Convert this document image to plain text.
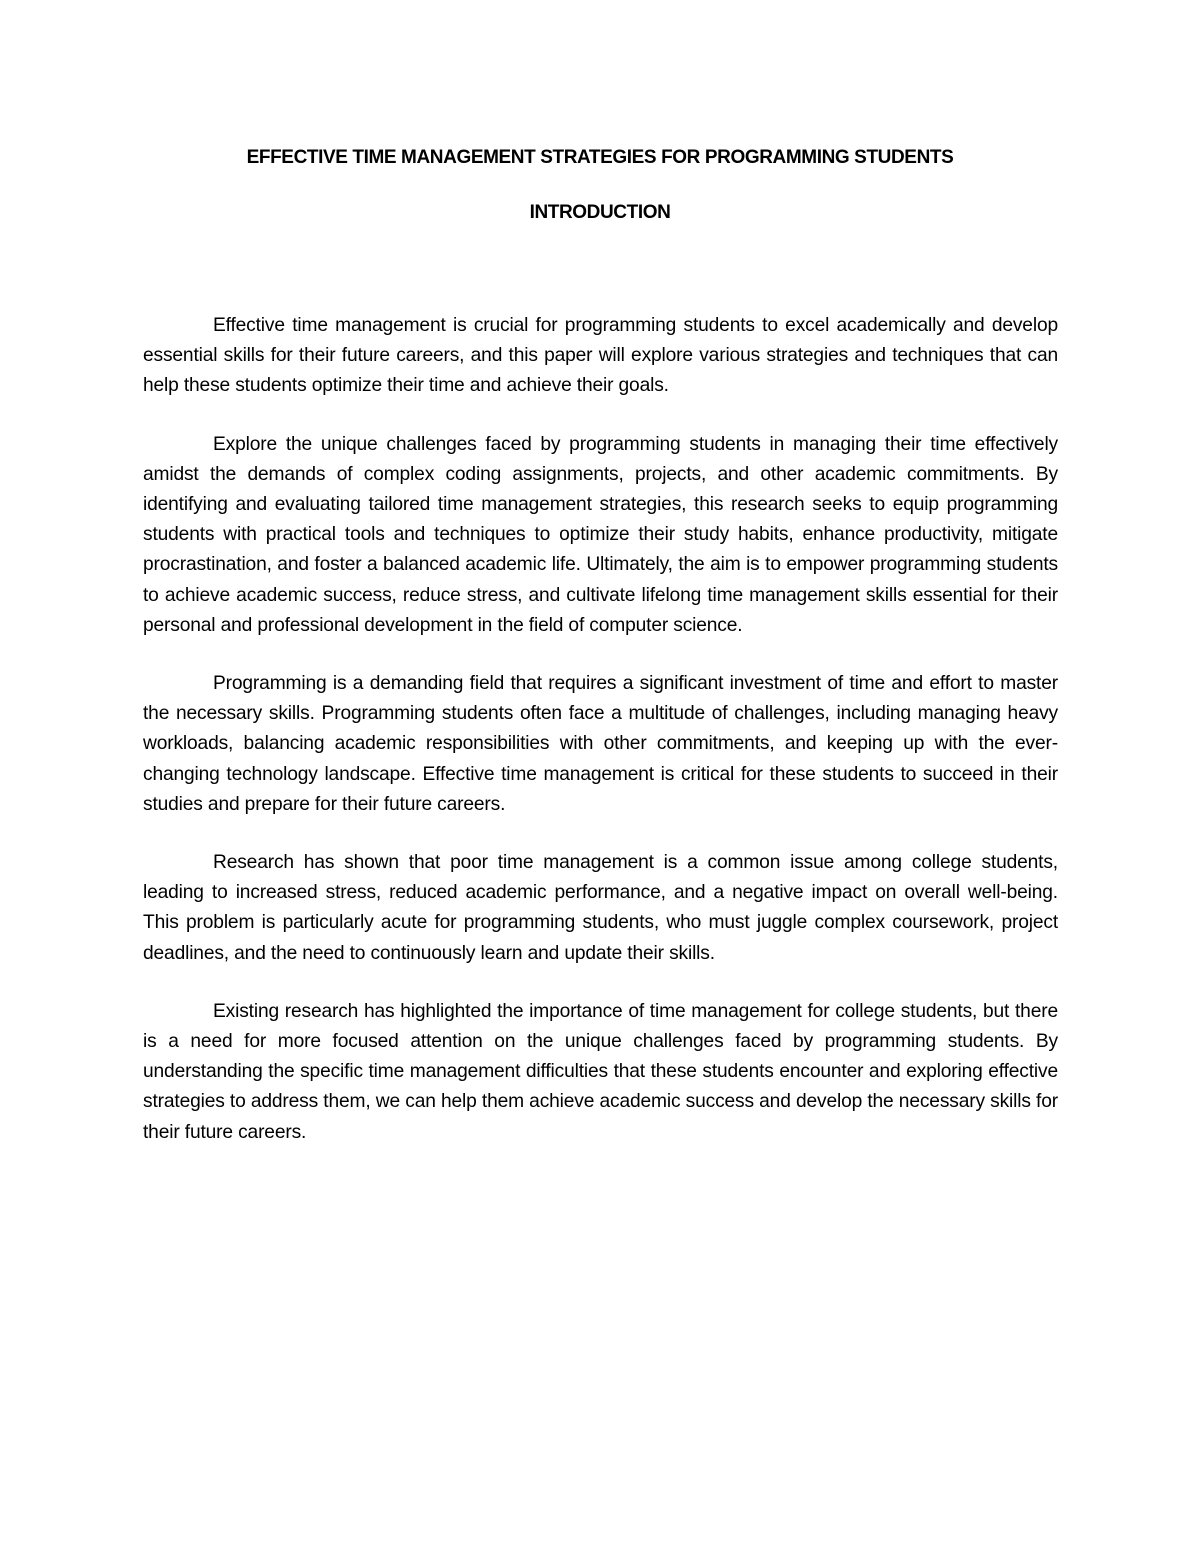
EFFECTIVE TIME MANAGEMENT STRATEGIES FOR PROGRAMMING STUDENTS
INTRODUCTION

Effective time management is crucial for programming students to excel academically and develop essential skills for their future careers, and this paper will explore various strategies and techniques that can help these students optimize their time and achieve their goals.

Explore the unique challenges faced by programming students in managing their time effectively amidst the demands of complex coding assignments, projects, and other academic commitments. By identifying and evaluating tailored time management strategies, this research seeks to equip programming students with practical tools and techniques to optimize their study habits, enhance productivity, mitigate procrastination, and foster a balanced academic life. Ultimately, the aim is to empower programming students to achieve academic success, reduce stress, and cultivate lifelong time management skills essential for their personal and professional development in the field of computer science.

Programming is a demanding field that requires a significant investment of time and effort to master the necessary skills. Programming students often face a multitude of challenges, including managing heavy workloads, balancing academic responsibilities with other commitments, and keeping up with the ever-changing technology landscape. Effective time management is critical for these students to succeed in their studies and prepare for their future careers.

Research has shown that poor time management is a common issue among college students, leading to increased stress, reduced academic performance, and a negative impact on overall well-being. This problem is particularly acute for programming students, who must juggle complex coursework, project deadlines, and the need to continuously learn and update their skills.

Existing research has highlighted the importance of time management for college students, but there is a need for more focused attention on the unique challenges faced by programming students. By understanding the specific time management difficulties that these students encounter and exploring effective strategies to address them, we can help them achieve academic success and develop the necessary skills for their future careers.
